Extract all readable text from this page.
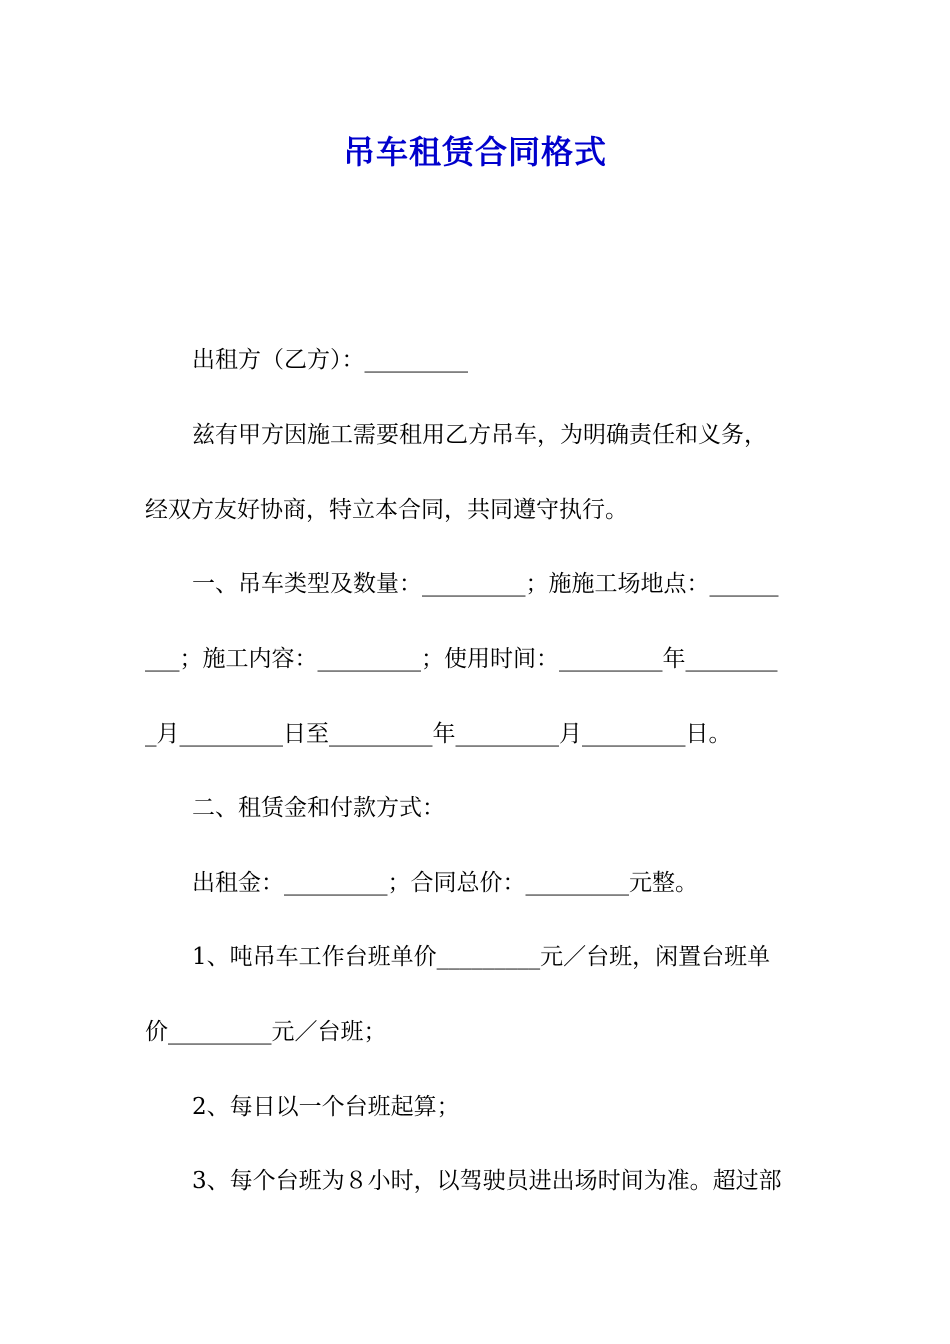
吊车租赁合同格式
出租方（乙方）：_________
兹有甲方因施工需要租用乙方吊车，为明确责任和义务，
经双方友好协商，特立本合同，共同遵守执行。
一、吊车类型及数量：_________；施施工场地点：______
___；施工内容：_________；使用时间：_________年________
_月_________日至_________年_________月_________日。
二、租赁金和付款方式：
出租金：_________；合同总价：_________元整。
1、吨吊车工作台班单价_________元／台班，闲置台班单
价_________元／台班；
2、每日以一个台班起算；
3、每个台班为８小时，以驾驶员进出场时间为准。超过部
